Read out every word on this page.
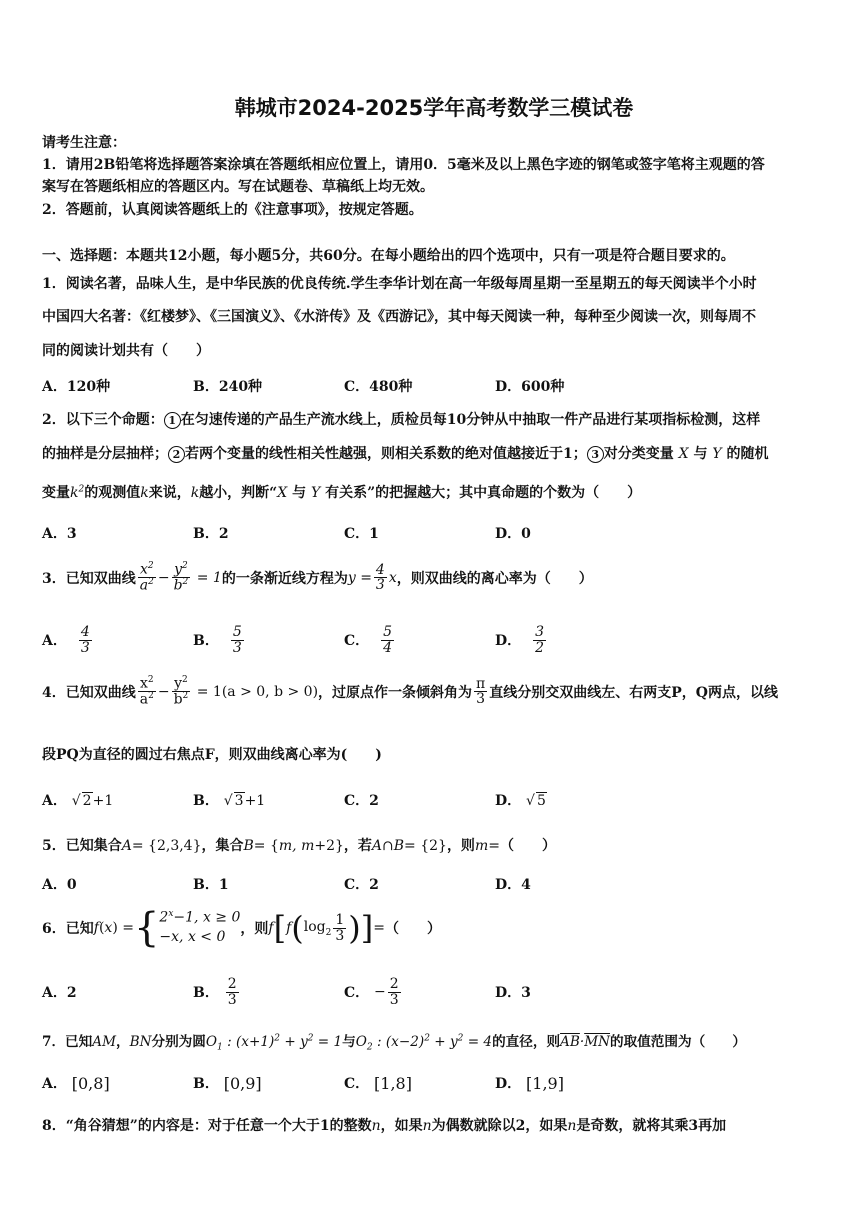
韩城市2024-2025学年高考数学三模试卷
请考生注意：
1．请用2B铅笔将选择题答案涂填在答题纸相应位置上，请用0．5毫米及以上黑色字迹的钢笔或签字笔将主观题的答
案写在答题纸相应的答题区内。写在试题卷、草稿纸上均无效。
2．答题前，认真阅读答题纸上的《注意事项》，按规定答题。
一、选择题：本题共12小题，每小题5分，共60分。在每小题给出的四个选项中，只有一项是符合题目要求的。
1．阅读名著，品味人生，是中华民族的优良传统.学生李华计划在高一年级每周星期一至星期五的每天阅读半个小时
中国四大名著：《红楼梦》、《三国演义》、《水浒传》及《西游记》，其中每天阅读一种，每种至少阅读一次，则每周不
同的阅读计划共有（　　）
A．120种	B．240种	C．480种	D．600种
2．以下三个命题： 1 在匀速传递的产品生产流水线上，质检员每10分钟从中抽取一件产品进行某项指标检测，这样
的抽样是分层抽样； 2 若两个变量的线性相关性越强，则相关系数的绝对值越接近于1； 3 对分类变量 X 与 Y 的随机
变量$k^2$的观测值k来说，k越小，判断“X 与 Y 有关系”的把握越大；其中真命题的个数为（　　）
A．3	B．2	C．1	D．0
3．已知双曲线 $\frac{x^2}{a^2} - \frac{y^2}{b^2} = 1$ 的一条渐近线方程为 $y = \frac{4}{3}$ x ，则双曲线的离心率为（　　）
A． $\frac{4}{3}$	B． $\frac{5}{3}$	C． $\frac{5}{4}$	D． $\frac{3}{2}$
4．已知双曲线 $\frac{x^2}{a^2} - \frac{y^2}{b^2} = 1(a > 0$, b > 0) ，过原点作一条倾斜角为 $\frac{\pi}{3}$ 直线分别交双曲线左、右两支P，Q两点，以线
段PQ为直径的圆过右焦点F，则双曲线离心率为(　　)
A．
√ 2+1	B．
√ 3+1	C．2	D．
√ 5
5．已知集合A= {2,3,4}，集合B= {m, m+2}，若A∩B= {2}，则m=（　　）
A．0	B．1	C．2	D．4
6．已知 f ( x ) = { $2^x-1$, x ≥ 0
−x, x < 0
，则 f [ f ( $\log_2 \frac{1}{3}$ ) ] = （　　）
A．2	B．
$\frac{2}{3}$	C．
− $\frac{2}{3}$	D．3
7．已知AM，BN分别为圆$O_1$ : $(x+1)^2 + y^2 = 1$与$O_2$ : $(x-2)^2 + y^2 = 4$的直径，则$\overline{AB}\cdot\overline{MN}$的取值范围为（　　）
A．
[0,8]	B．
[0,9]	C．
[1,8]	D．
[1,9]
8．“角谷猜想”的内容是：对于任意一个大于1的整数n，如果n为偶数就除以2，如果n是奇数，就将其乘3再加
